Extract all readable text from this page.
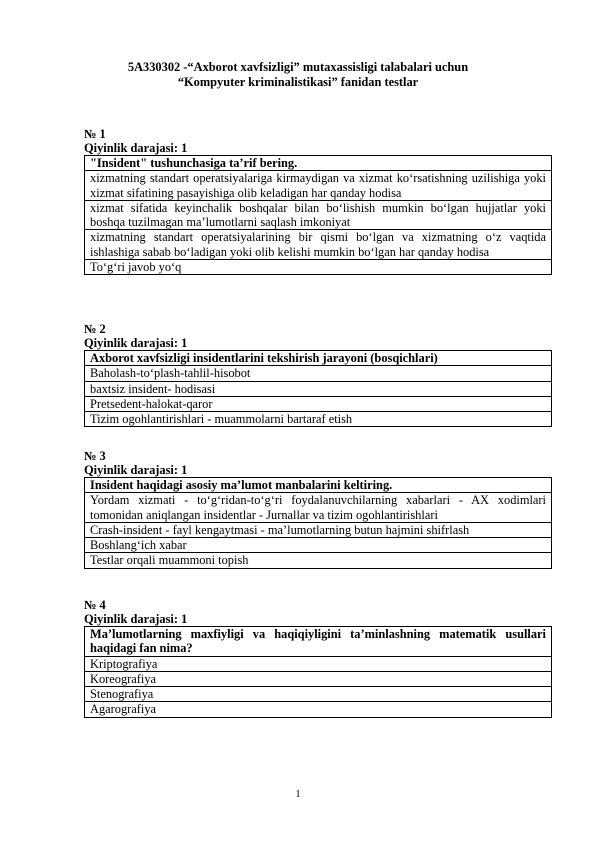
5A330302 -“Axborot xavfsizligi” mutaxassisligi talabalari uchun
“Kompyuter kriminalistikasi” fanidan testlar
№ 1
Qiyinlik darajasi: 1
"Insident" tushunchasiga ta’rif bering.
xizmatning standart operatsiyalariga kirmaydigan va xizmat ko‘rsatishning uzilishiga yoki xizmat sifatining pasayishiga olib keladigan har qanday hodisa
xizmat sifatida keyinchalik boshqalar bilan bo‘lishish mumkin bo‘lgan hujjatlar yoki boshqa tuzilmagan ma’lumotlarni saqlash imkoniyat
xizmatning standart operatsiyalarining bir qismi bo‘lgan va xizmatning o‘z vaqtida ishlashiga sabab bo‘ladigan yoki olib kelishi mumkin bo‘lgan har qanday hodisa
To‘g‘ri javob yo‘q
№ 2
Qiyinlik darajasi: 1
Axborot xavfsizligi insidentlarini tekshirish jarayoni (bosqichlari)
Baholash-to‘plash-tahlil-hisobot
baxtsiz insident- hodisasi
Pretsedent-halokat-qaror
Tizim ogohlantirishlari - muammolarni bartaraf etish
№ 3
Qiyinlik darajasi: 1
Insident haqidagi asosiy ma’lumot manbalarini keltiring.
Yordam xizmati - to‘g‘ridan-to‘g‘ri foydalanuvchilarning xabarlari - AX xodimlari tomonidan aniqlangan insidentlar - Jurnallar va tizim ogohlantirishlari
Crash-insident - fayl kengaytmasi - ma’lumotlarning butun hajmini shifrlash
Boshlang‘ich xabar
Testlar orqali muammoni topish
№ 4
Qiyinlik darajasi: 1
Ma’lumotlarning maxfiyligi va haqiqiyligini ta’minlashning matematik usullari haqidagi fan nima?
Kriptografiya
Koreografiya
Stenografiya
Agarografiya
1
